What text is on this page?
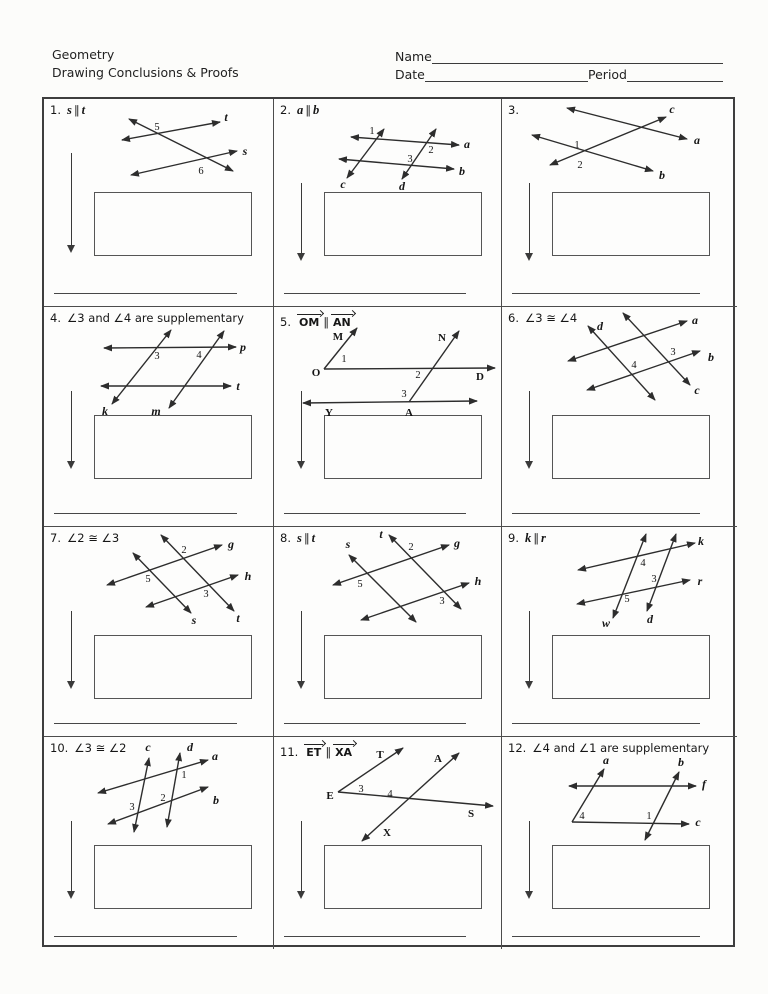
Geometry
Drawing Conclusions & Proofs
Name
Date	Period
1. s ∥ t	t
s
5
6
2. a ∥ b
a
b
c	d
1
2
3
3.
a
c
b
1
2
4. ∠3 and ∠4 are supplementary
p
t
k	m
3	4
5. OM ∥ AN
M
O	D
N
Y	A
1
2
3
6. ∠3 ≅ ∠4	a
b
d
c
3
4
7. ∠2 ≅ ∠3	g
h
t
s
5
2
3
8. s ∥ t	g
h
s
t
5
2
3
9. k ∥ r	k
r
w	d
4
3
5
10. ∠3 ≅ ∠2
a
b
c	d
1
2
3
11. ET ∥ XA T
E
S
A
X
3 4
12. ∠4 and ∠1 are supplementary
f
c
a	b
4	1
